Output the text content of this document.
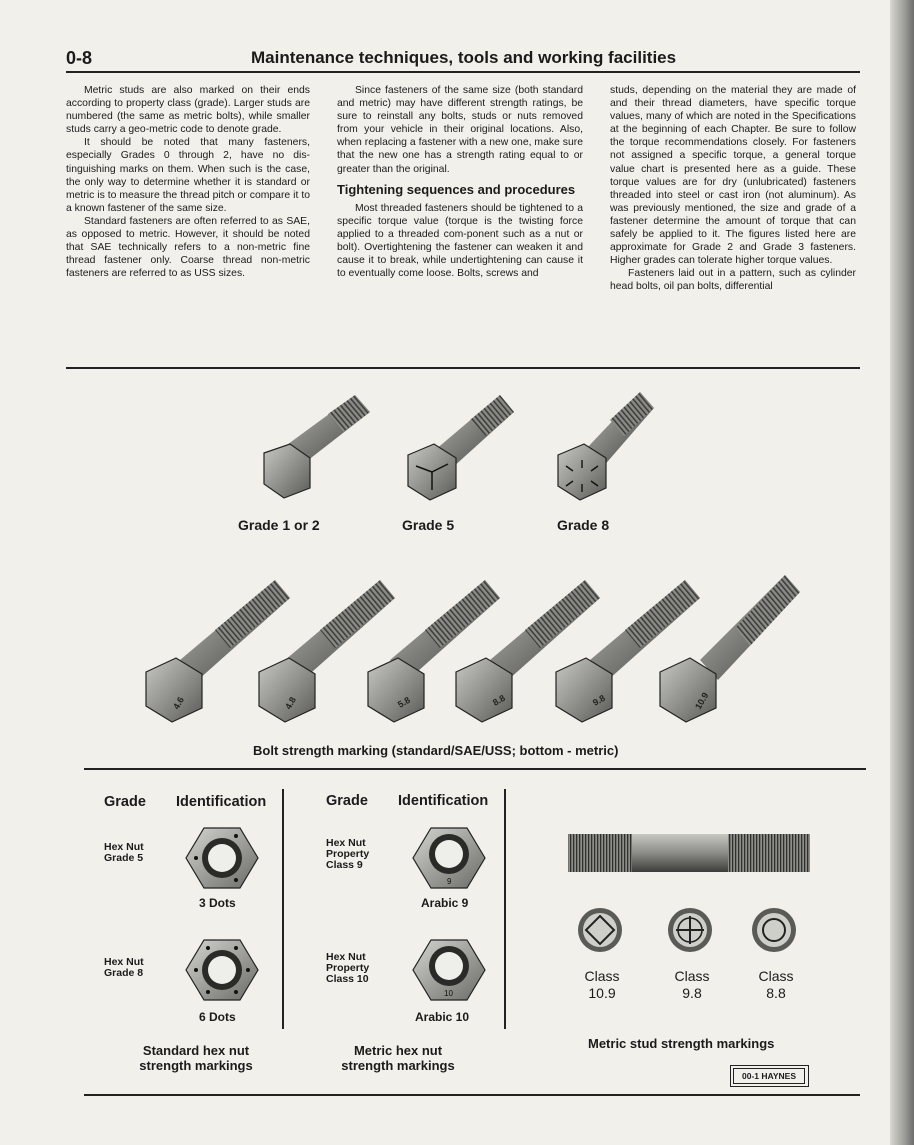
0-8	Maintenance techniques, tools and working facilities

Metric studs are also marked on their ends according to property class (grade). Larger studs are numbered (the same as metric bolts), while smaller studs carry a geo-metric code to denote grade.

It should be noted that many fasteners, especially Grades 0 through 2, have no dis-tinguishing marks on them. When such is the case, the only way to determine whether it is standard or metric is to measure the thread pitch or compare it to a known fastener of the same size.

Standard fasteners are often referred to as SAE, as opposed to metric. However, it should be noted that SAE technically refers to a non-metric fine thread fastener only. Coarse thread non-metric fasteners are referred to as USS sizes.

Since fasteners of the same size (both standard and metric) may have different strength ratings, be sure to reinstall any bolts, studs or nuts removed from your vehicle in their original locations. Also, when replacing a fastener with a new one, make sure that the new one has a strength rating equal to or greater than the original.

Tightening sequences and procedures

Most threaded fasteners should be tightened to a specific torque value (torque is the twisting force applied to a threaded com-ponent such as a nut or bolt). Overtightening the fastener can weaken it and cause it to break, while undertightening can cause it to eventually come loose. Bolts, screws and

studs, depending on the material they are made of and their thread diameters, have specific torque values, many of which are noted in the Specifications at the beginning of each Chapter. Be sure to follow the torque recommendations closely. For fasteners not assigned a specific torque, a general torque value chart is presented here as a guide. These torque values are for dry (unlubricated) fasteners threaded into steel or cast iron (not aluminum). As was previously mentioned, the size and grade of a fastener determine the amount of torque that can safely be applied to it. The figures listed here are approximate for Grade 2 and Grade 3 fasteners. Higher grades can tolerate higher torque values.

Fasteners laid out in a pattern, such as cylinder head bolts, oil pan bolts, differential

Grade 1 or 2	Grade 5	Grade 8
4.6	4.8	5.8	8.8	9.8	10.9
Bolt strength marking (standard/SAE/USS; bottom - metric)
Grade Identification
Hex Nut
Grade 5
Hex Nut
Grade 8
3 Dots
6 Dots
Standard hex nut
strength markings
Grade Identification
Hex Nut
Property
Class 9
Hex Nut
Property
Class 10
9
10
Arabic 9
Arabic 10
Metric hex nut
strength markings
Class
10.9
Class
9.8
Class
8.8
Metric stud strength markings
00-1 HAYNES
